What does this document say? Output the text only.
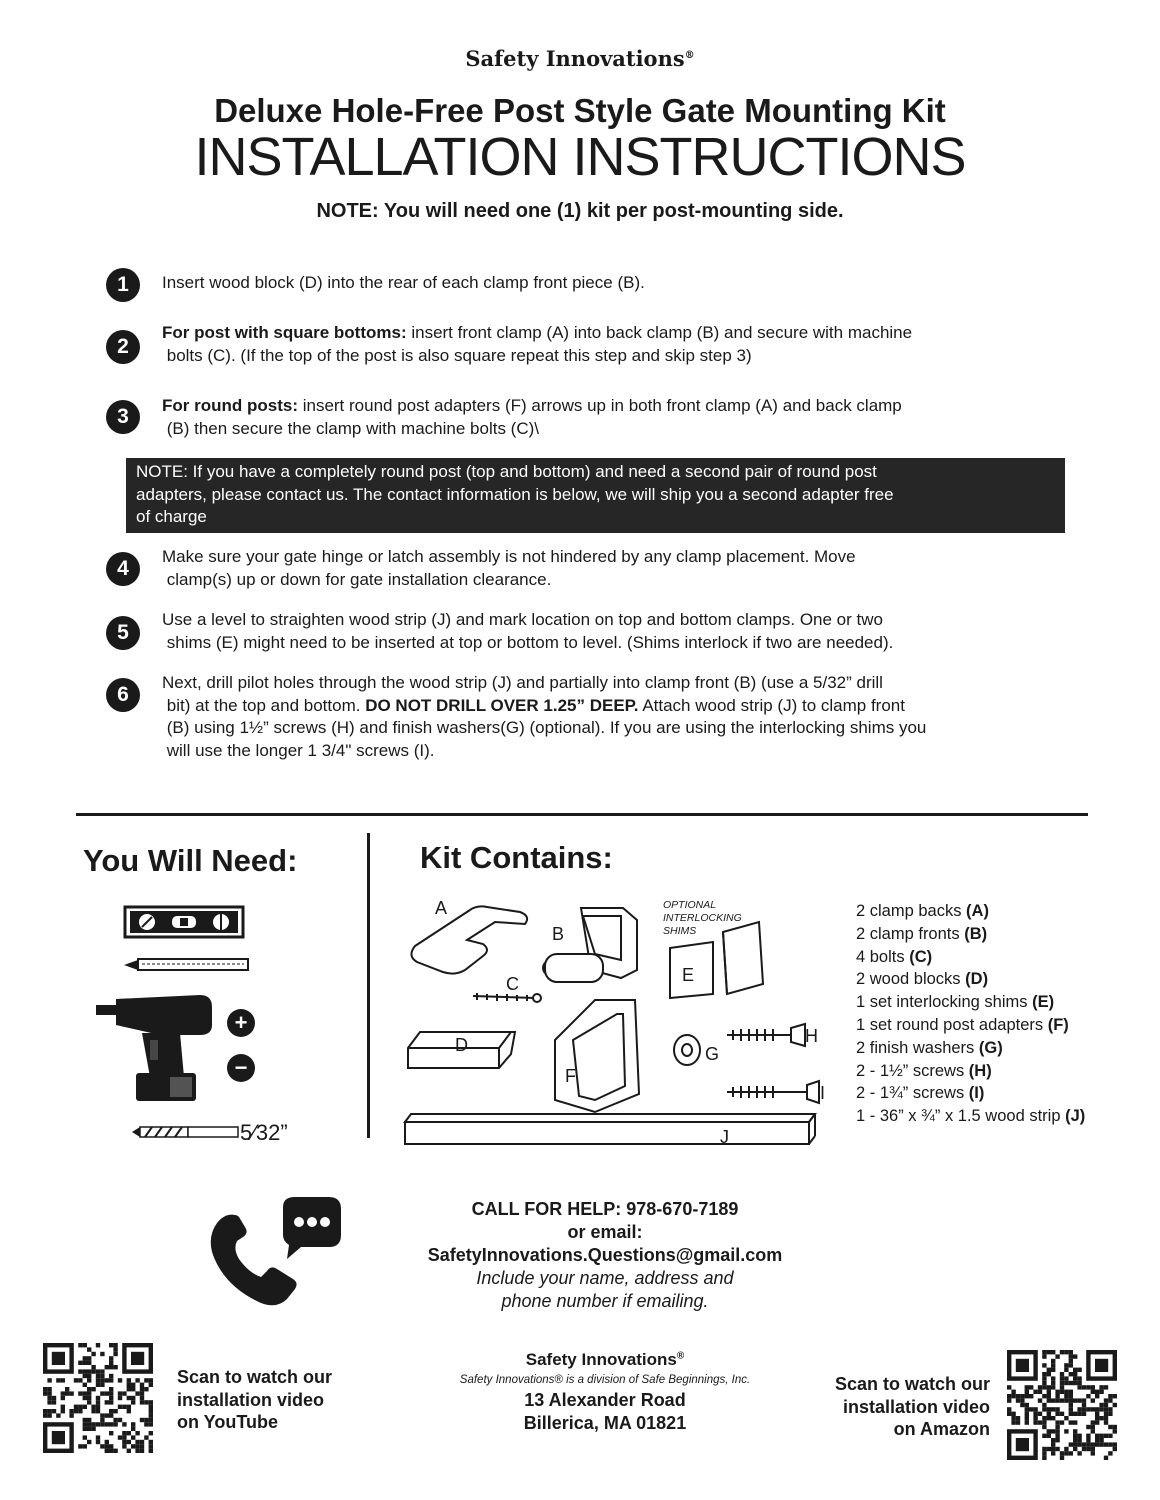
Safety Innovations®
Deluxe Hole-Free Post Style Gate Mounting Kit
INSTALLATION INSTRUCTIONS
NOTE: You will need one (1) kit per post-mounting side.
1	Insert wood block (D) into the rear of each clamp front piece (B).
2
For post with square bottoms: insert front clamp (A) into back clamp (B) and secure with machine
bolts (C). (If the top of the post is also square repeat this step and skip step 3)
3	For round posts: insert round post adapters (F) arrows up in both front clamp (A) and back clamp
(B) then secure the clamp with machine bolts (C)\
NOTE: If you have a completely round post (top and bottom) and need a second pair of round post
adapters, please contact us. The contact information is below, we will ship you a second adapter free
of charge
4
Make sure your gate hinge or latch assembly is not hindered by any clamp placement. Move
clamp(s) up or down for gate installation clearance.
5
Use a level to straighten wood strip (J) and mark location on top and bottom clamps. One or two
shims (E) might need to be inserted at top or bottom to level. (Shims interlock if two are needed).
6
Next, drill pilot holes through the wood strip (J) and partially into clamp front (B) (use a 5/32” drill
bit) at the top and bottom. DO NOT DRILL OVER 1.25” DEEP. Attach wood strip (J) to clamp front
(B) using 1½” screws (H) and finish washers(G) (optional). If you are using the interlocking shims you
will use the longer 1 3/4" screws (I).
You Will Need:
+
−
5⁄32”
Kit Contains:
A
B
C
D
F
OPTIONAL INTERLOCKING SHIMS
E
G
H
I
J
2 clamp backs (A)
2 clamp fronts (B)
4 bolts (C)
2 wood blocks (D)
1 set interlocking shims (E)
1 set round post adapters (F)
2 finish washers (G)
2 - 1½” screws (H)
2 - 1¾” screws (I)
1 - 36” x ¾” x 1.5 wood strip (J)
CALL FOR HELP: 978-670-7189
or email:
SafetyInnovations.Questions@gmail.com
Include your name, address and
phone number if emailing.
Scan to watch our
installation video
on YouTube
Safety Innovations®
Safety Innovations® is a division of Safe Beginnings, Inc.
13 Alexander Road
Billerica, MA 01821
Scan to watch our
installation video
on Amazon
